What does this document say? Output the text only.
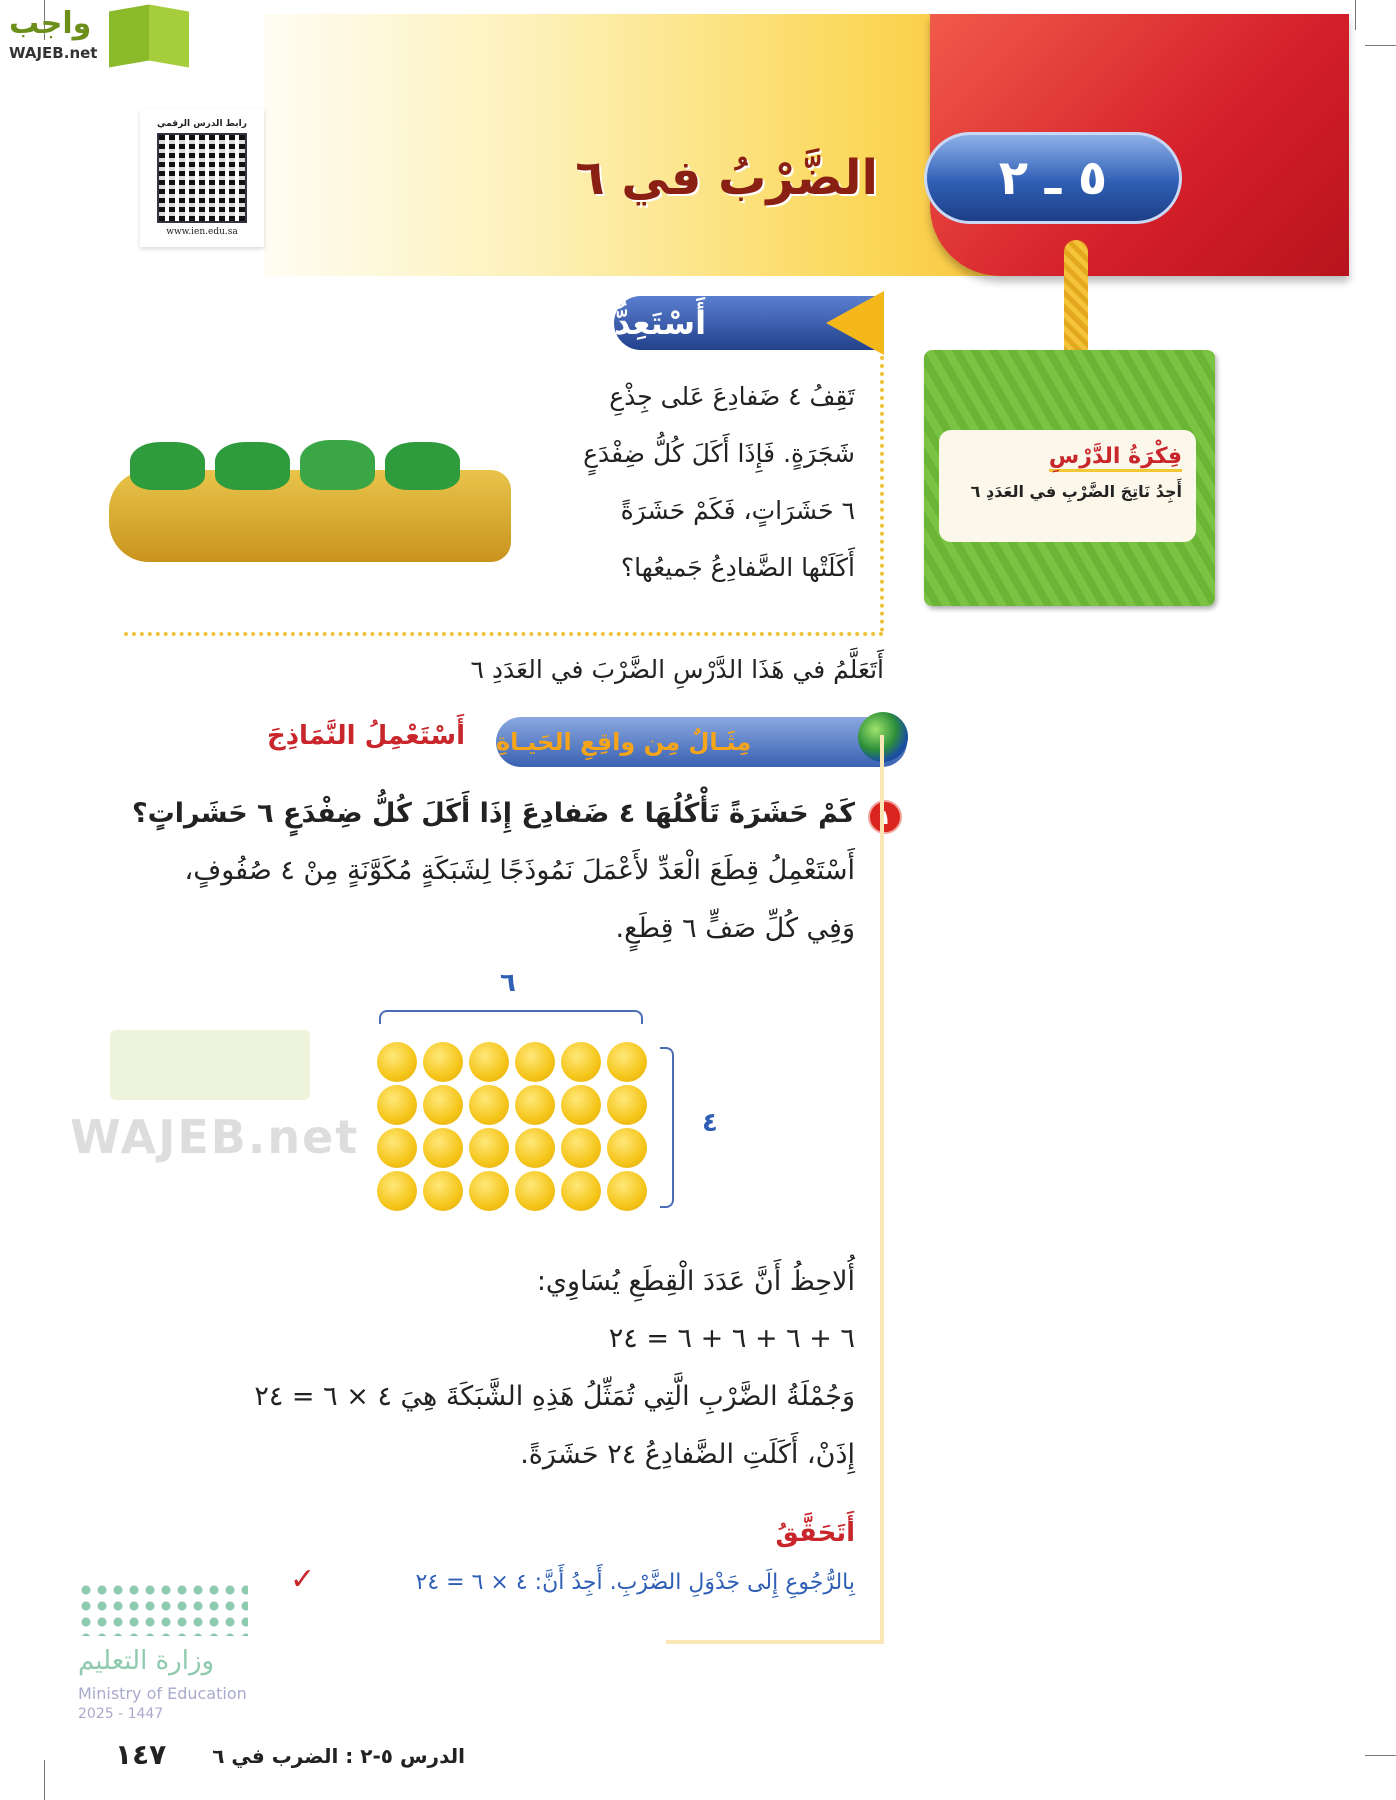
واجب
WAJEB.net
رابط الدرس الرقمي
www.ien.edu.sa
٥ ـ ٢
الضَّرْبُ في ٦
فِكْرَةُ الدَّرْسِ
أَجِدُ نَاتِجَ الضَّرْبِ في العَدَدِ ٦
أَسْتَعِدُّ
تَقِفُ ٤ ضَفادِعَ عَلى جِذْعِ
شَجَرَةٍ. فَإِذَا أَكَلَ كُلُّ ضِفْدَعٍ
٦ حَشَرَاتٍ، فَكَمْ حَشَرَةً
أَكَلَتْها الضَّفادِعُ جَميعُها؟
أَتَعَلَّمُ في هَذَا الدَّرْسِ الضَّرْبَ في العَدَدِ ٦
مِثَـالٌ مِن واقِعِ الحَيـاةِ
أَسْتَعْمِلُ النَّمَاذِجَ
١
كَمْ حَشَرَةً تَأْكُلُهَا ٤ ضَفادِعَ إِذَا أَكَلَ كُلُّ ضِفْدَعٍ ٦ حَشَراتٍ؟
أَسْتَعْمِلُ قِطَعَ الْعَدِّ لأَعْمَلَ نَمُوذَجًا لِشَبَكَةٍ مُكَوَّنَةٍ مِنْ ٤ صُفُوفٍ،
وَفِي كُلِّ صَفٍّ ٦ قِطَعٍ.
WAJEB.net
٦
٤
أُلاحِظُ أَنَّ عَدَدَ الْقِطَعِ يُسَاوِي:
٦ + ٦ + ٦ + ٦ = ٢٤
وَجُمْلَةُ الضَّرْبِ الَّتِي تُمَثِّلُ هَذِهِ الشَّبَكَةَ هِيَ ٤ × ٦ = ٢٤
إِذَنْ، أَكَلَتِ الضَّفادِعُ ٢٤ حَشَرَةً.
أَتَحَقَّقُ
بِالرُّجُوعِ إِلَى جَدْوَلِ الضَّرْبِ. أَجِدُ أَنَّ: ٤ × ٦ = ٢٤
✓
وزارة التعليم
Ministry of Education
2025 - 1447
الدرس ٥-٢ : الضرب في ٦
١٤٧
